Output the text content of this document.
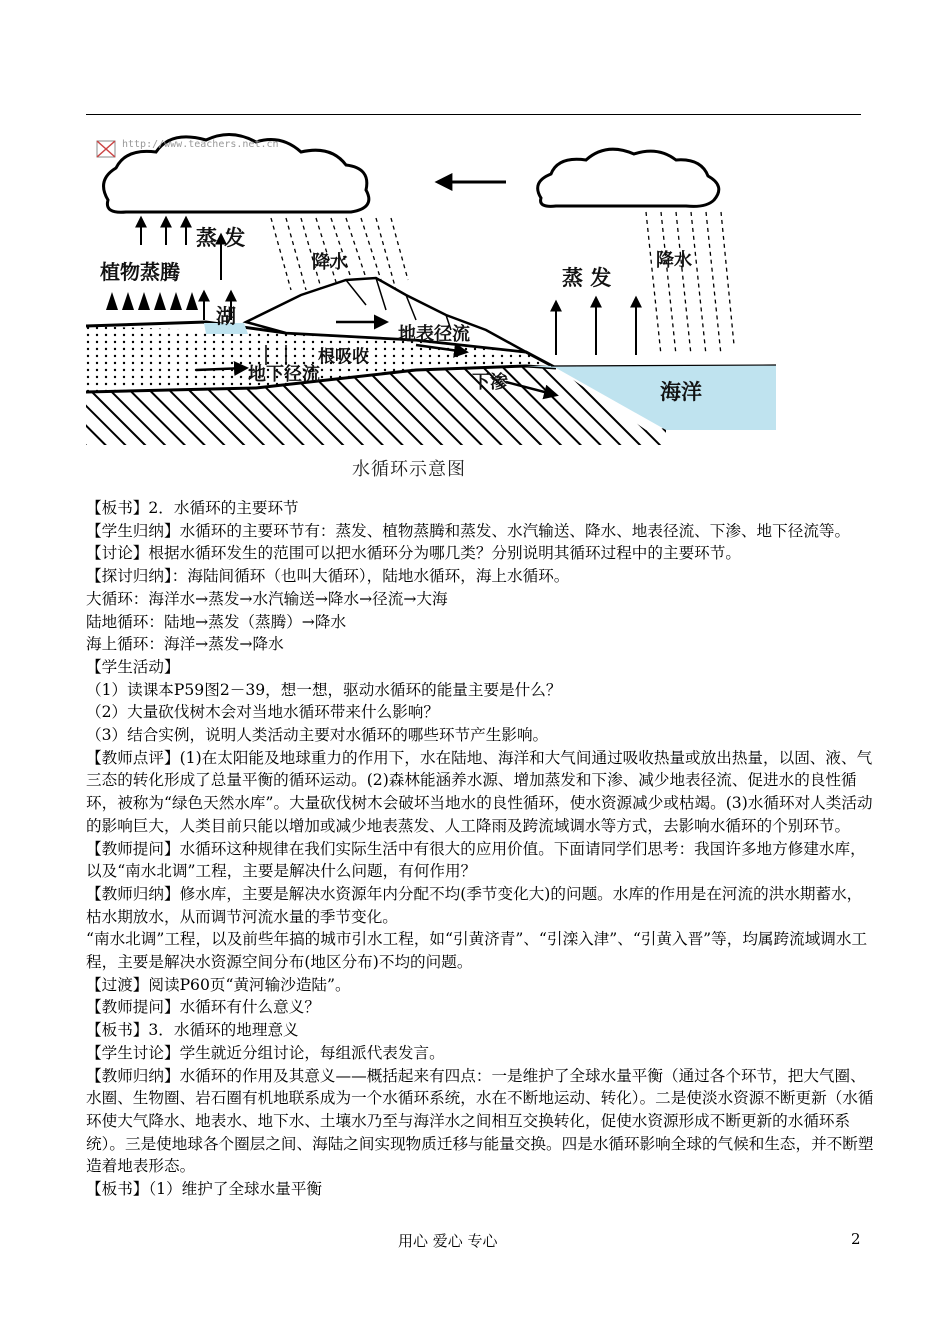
http://www.teachers.net.cn
蒸 发
植物蒸腾	降水
湖
地表径流
根吸收
地下径流	下渗
蒸 发
降水
海洋
水循环示意图

【板书】2．水循环的主要环节

【学生归纳】水循环的主要环节有：蒸发、植物蒸腾和蒸发、水汽输送、降水、地表径流、下渗、地下径流等。

【讨论】根据水循环发生的范围可以把水循环分为哪几类？分别说明其循环过程中的主要环节。

【探讨归纳】：海陆间循环（也叫大循环），陆地水循环，海上水循环。

大循环：海洋水→蒸发→水汽输送→降水→径流→大海

陆地循环：陆地→蒸发（蒸腾）→降水

海上循环：海洋→蒸发→降水

【学生活动】

（1）读课本P59图2－39，想一想，驱动水循环的能量主要是什么？

（2）大量砍伐树木会对当地水循环带来什么影响？

（3）结合实例，说明人类活动主要对水循环的哪些环节产生影响。

【教师点评】(1)在太阳能及地球重力的作用下，水在陆地、海洋和大气间通过吸收热量或放出热量，以固、液、气三态的转化形成了总量平衡的循环运动。(2)森林能涵养水源、增加蒸发和下渗、减少地表径流、促进水的良性循环，被称为“绿色天然水库”。大量砍伐树木会破坏当地水的良性循环，使水资源减少或枯竭。(3)水循环对人类活动的影响巨大，人类目前只能以增加或减少地表蒸发、人工降雨及跨流域调水等方式，去影响水循环的个别环节。

【教师提问】水循环这种规律在我们实际生活中有很大的应用价值。下面请同学们思考：我国许多地方修建水库，以及“南水北调”工程，主要是解决什么问题，有何作用？

【教师归纳】修水库，主要是解决水资源年内分配不均(季节变化大)的问题。水库的作用是在河流的洪水期蓄水，枯水期放水，从而调节河流水量的季节变化。

“南水北调”工程，以及前些年搞的城市引水工程，如“引黄济青”、“引滦入津”、“引黄入晋”等，均属跨流域调水工程，主要是解决水资源空间分布(地区分布)不均的问题。

【过渡】阅读P60页“黄河输沙造陆”。

【教师提问】水循环有什么意义？

【板书】3．水循环的地理意义

【学生讨论】学生就近分组讨论，每组派代表发言。

【教师归纳】水循环的作用及其意义——概括起来有四点：一是维护了全球水量平衡（通过各个环节，把大气圈、水圈、生物圈、岩石圈有机地联系成为一个水循环系统，水在不断地运动、转化）。二是使淡水资源不断更新（水循环使大气降水、地表水、地下水、土壤水乃至与海洋水之间相互交换转化，促使水资源形成不断更新的水循环系统）。三是使地球各个圈层之间、海陆之间实现物质迁移与能量交换。四是水循环影响全球的气候和生态，并不断塑造着地表形态。

【板书】（1）维护了全球水量平衡

用心 爱心 专心	2
